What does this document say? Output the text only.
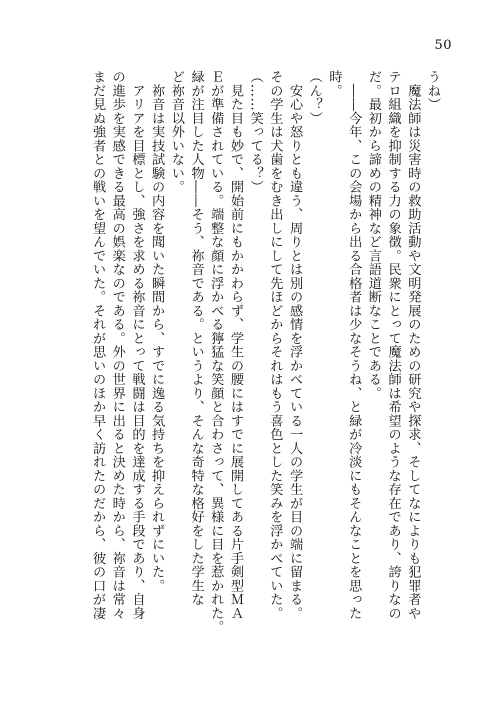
50
うね）
　魔法師は災害時の救助活動や文明発展のための研究や探求、そしてなによりも犯罪者や
テロ組織を抑制する力の象徴。民衆にとって魔法師は希望のような存在であり、誇りなの
だ。最初から諦めの精神など言語道断なことである。
　――今年、この会場から出る合格者は少なそうね、と緑が冷淡にもそんなことを思った
時。
（ん？）
　安心や怒りとも違う、周りとは別の感情を浮かべている一人の学生が目の端に留まる。
その学生は犬歯をむき出しにして先ほどからそれはもう喜色とした笑みを浮かべていた。
（……笑ってる？）
　見た目も妙で、開始前にもかかわらず、学生の腰にはすでに展開してある片手剣型ＭＡ
Ｅが準備されている。端整な顔に浮かべる獰猛な笑顔と合わさって、異様に目を惹かれた。
緑が注目した人物――そう、祢音である。というより、そんな奇特な格好をした学生な
ど祢音以外いない。
　祢音は実技試験の内容を聞いた瞬間から、すでに逸る気持ちを抑えられずにいた。
　アリアを目標とし、強さを求める祢音にとって戦闘は目的を達成する手段であり、自身
の進歩を実感できる最高の娯楽なのである。外の世界に出ると決めた時から、祢音は常々
まだ見ぬ強者との戦いを望んでいた。それが思いのほか早く訪れたのだから、彼の口が凄
